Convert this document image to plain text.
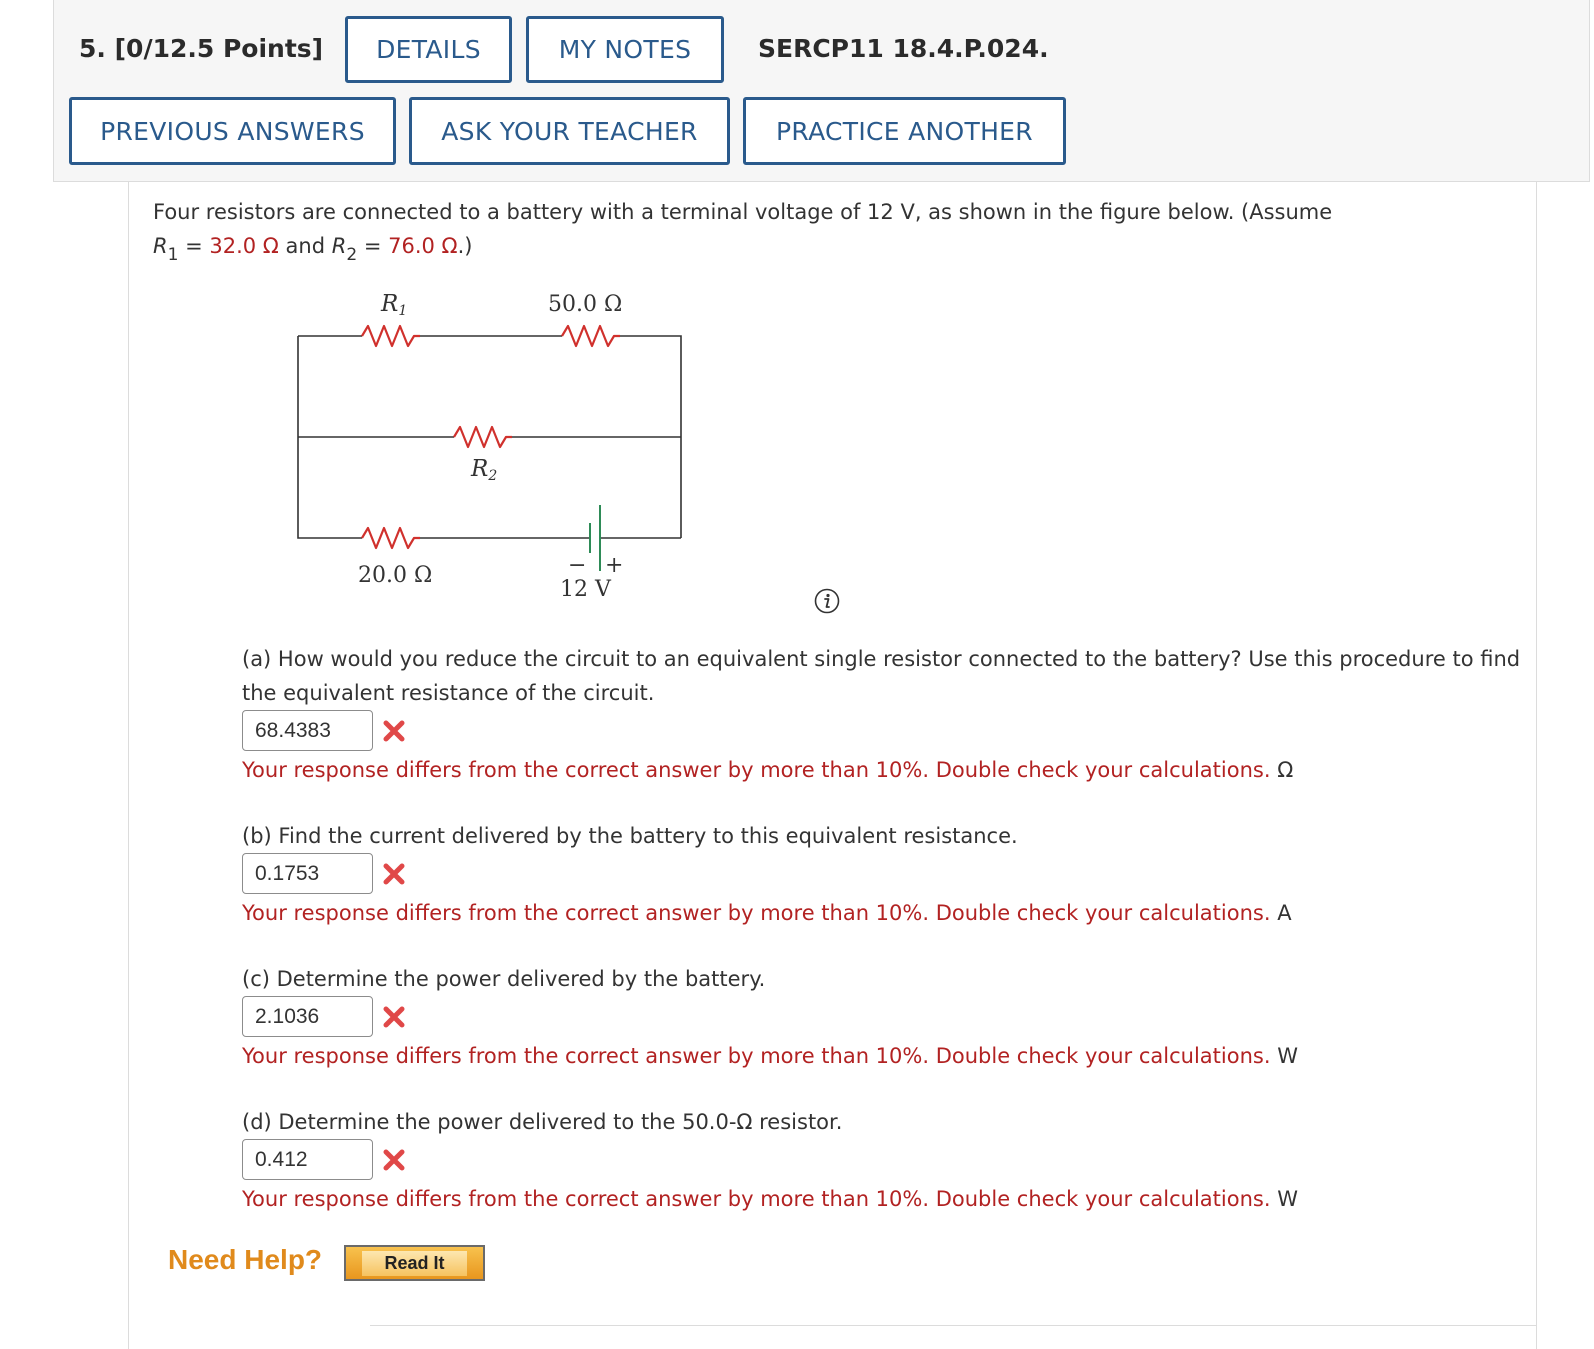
5. [0/12.5 Points]	DETAILS	MY NOTES	SERCP11 18.4.P.024.
PREVIOUS ANSWERS	ASK YOUR TEACHER	PRACTICE ANOTHER
Four resistors are connected to a battery with a terminal voltage of 12 V, as shown in the figure below. (Assume
$R_1 = 32.0$ Ω and $R_2 = 76.0$ Ω.)
R1	50.0 Ω
R2
20.0 Ω
12 V
− +
(a) How would you reduce the circuit to an equivalent single resistor connected to the battery? Use this procedure to find the equivalent resistance of the circuit.
68.4383
Your response differs from the correct answer by more than 10%. Double check your calculations. Ω
(b) Find the current delivered by the battery to this equivalent resistance.
0.1753
Your response differs from the correct answer by more than 10%. Double check your calculations. A
(c) Determine the power delivered by the battery.
2.1036
Your response differs from the correct answer by more than 10%. Double check your calculations. W
(d) Determine the power delivered to the 50.0-Ω resistor.
0.412
Your response differs from the correct answer by more than 10%. Double check your calculations. W
Need Help?	Read It
